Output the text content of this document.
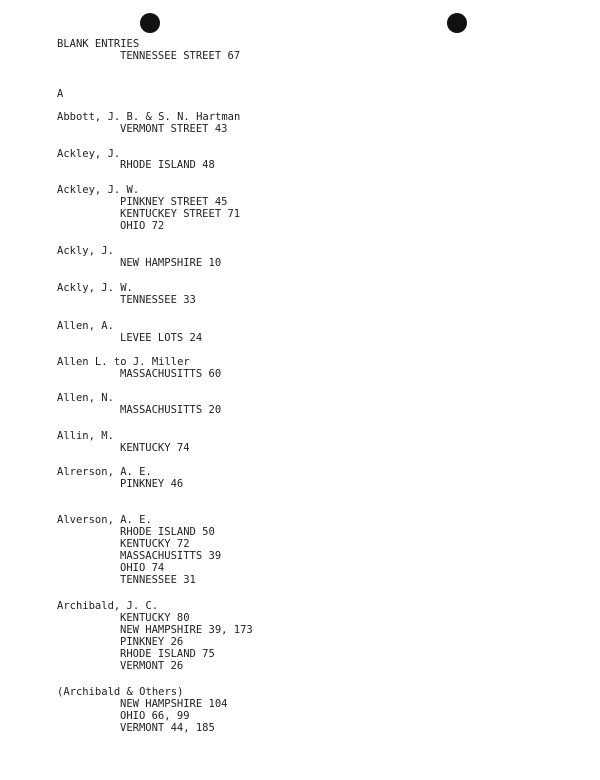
BLANK ENTRIES
TENNESSEE STREET 67
A
Abbott, J. B. & S. N. Hartman
VERMONT STREET 43
Ackley, J.
RHODE ISLAND 48
Ackley, J. W.
PINKNEY STREET 45
KENTUCKEY STREET 71
OHIO 72
Ackly, J.
NEW HAMPSHIRE 10
Ackly, J. W.
TENNESSEE 33
Allen, A.
LEVEE LOTS 24
Allen L. to J. Miller
MASSACHUSITTS 60
Allen, N.
MASSACHUSITTS 20
Allin, M.
KENTUCKY 74
Alrerson, A. E.
PINKNEY 46
Alverson, A. E.
RHODE ISLAND 50
KENTUCKY 72
MASSACHUSITTS 39
OHIO 74
TENNESSEE 31
Archibald, J. C.
KENTUCKY 80
NEW HAMPSHIRE 39, 173
PINKNEY 26
RHODE ISLAND 75
VERMONT 26
(Archibald & Others)
NEW HAMPSHIRE 104
OHIO 66, 99
VERMONT 44, 185
